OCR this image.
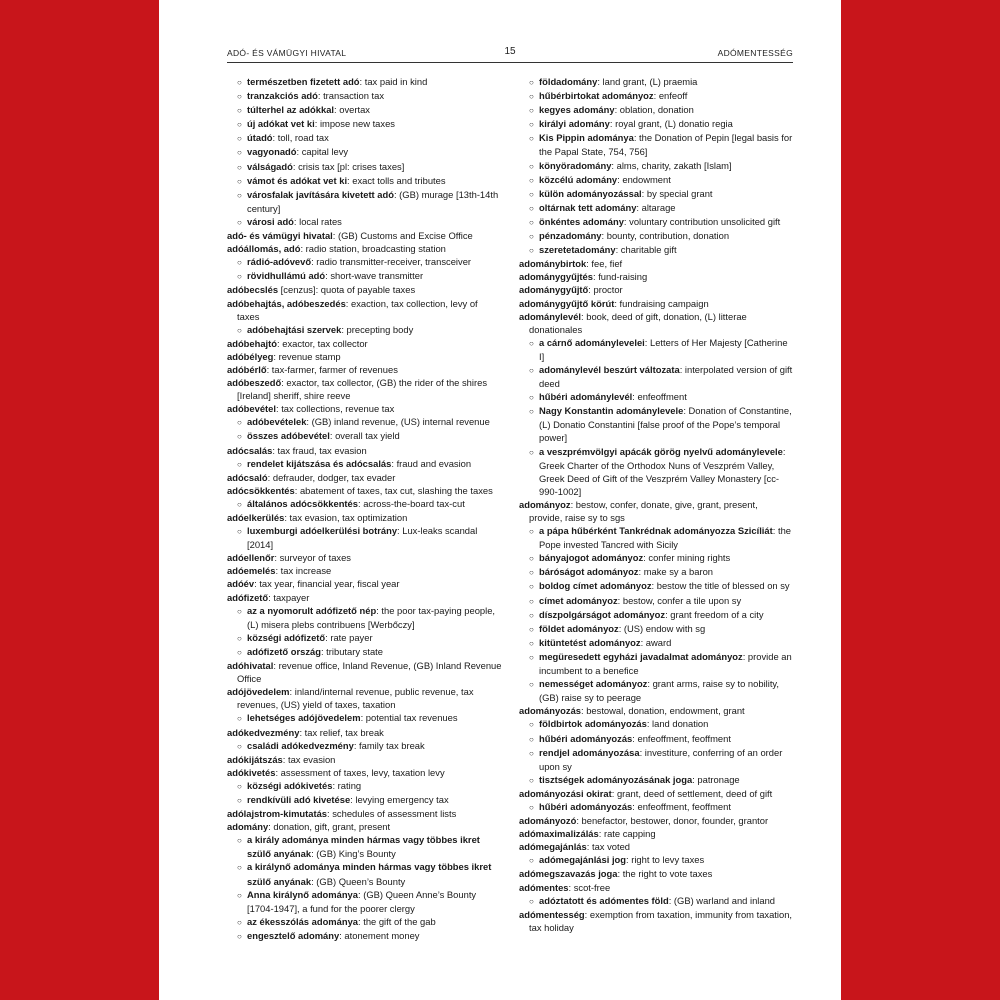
ADÓ- ÉS VÁMÜGYI HIVATAL	15	ADÓMENTESSÉG
○ természetben fizetett adó: tax paid in kind
○ tranzakciós adó: transaction tax
○ túlterhel az adókkal: overtax
○ új adókat vet ki: impose new taxes
○ útadó: toll, road tax
○ vagyonadó: capital levy
○ válságadó: crisis tax [pl: crises taxes]
○ vámot és adókat vet ki: exact tolls and tributes
○ városfalak javítására kivetett adó: (GB) murage [13th-14th century]
○ városi adó: local rates
adó- és vámügyi hivatal: (GB) Customs and Excise Office
adóállomás, adó: radio station, broadcasting station
○ rádió-adóvevő: radio transmitter-receiver, transceiver
○ rövidhullámú adó: short-wave transmitter
adóbecslés [cenzus]: quota of payable taxes
adóbehajtás, adóbeszedés: exaction, tax collection, levy of taxes
○ adóbehajtási szervek: precepting body
adóbehajtó: exactor, tax collector
adóbélyeg: revenue stamp
adóbérlő: tax-farmer, farmer of revenues
adóbeszedő: exactor, tax collector, (GB) the rider of the shires [Ireland] sheriff, shire reeve
adóbevétel: tax collections, revenue tax
○ adóbevételek: (GB) inland revenue, (US) internal revenue
○ összes adóbevétel: overall tax yield
adócsalás: tax fraud, tax evasion
○ rendelet kijátszása és adócsalás: fraud and evasion
adócsaló: defrauder, dodger, tax evader
adócsökkentés: abatement of taxes, tax cut, slashing the taxes
○ általános adócsökkentés: across-the-board tax-cut
adóelkerülés: tax evasion, tax optimization
○ luxemburgi adóelkerülési botrány: Lux-leaks scandal [2014]
adóellenőr: surveyor of taxes
adóemelés: tax increase
adóév: tax year, financial year, fiscal year
adófizető: taxpayer
○ az a nyomorult adófizető nép: the poor tax-paying people, (L) misera plebs contribuens [Werbőczy]
○ községi adófizető: rate payer
○ adófizető ország: tributary state
adóhivatal: revenue office, Inland Revenue, (GB) Inland Revenue Office
adójövedelem: inland/internal revenue, public revenue, tax revenues, (US) yield of taxes, taxation
○ lehetséges adójövedelem: potential tax revenues
adókedvezmény: tax relief, tax break
○ családi adókedvezmény: family tax break
adókijátszás: tax evasion
adókivetés: assessment of taxes, levy, taxation levy
○ községi adókivetés: rating
○ rendkívüli adó kivetése: levying emergency tax
adólajstrom-kimutatás: schedules of assessment lists
adomány: donation, gift, grant, present
○ a király adománya minden hármas vagy többes ikret szülő anyának: (GB) King’s Bounty
○ a királynő adománya minden hármas vagy többes ikret szülő anyának: (GB) Queen’s Bounty
○ Anna királynő adománya: (GB) Queen Anne’s Bounty [1704-1947], a fund for the poorer clergy
○ az ékesszólás adománya: the gift of the gab
○ engesztelő adomány: atonement money
○ földadomány: land grant, (L) praemia
○ hűbérbirtokat adományoz: enfeoff
○ kegyes adomány: oblation, donation
○ királyi adomány: royal grant, (L) donatio regia
○ Kis Pippin adománya: the Donation of Pepin [legal basis for the Papal State, 754, 756]
○ könyöradomány: alms, charity, zakath [Islam]
○ közcélú adomány: endowment
○ külön adományozással: by special grant
○ oltárnak tett adomány: altarage
○ önkéntes adomány: voluntary contribution unsolicited gift
○ pénzadomány: bounty, contribution, donation
○ szeretetadomány: charitable gift
adománybirtok: fee, fief
adománygyűjtés: fund-raising
adománygyűjtő: proctor
adománygyűjtő körút: fundraising campaign
adománylevél: book, deed of gift, donation, (L) litterae donationales
○ a cárnő adománylevelei: Letters of Her Majesty [Catherine I]
○ adománylevél beszúrt változata: interpolated version of gift deed
○ hűbéri adománylevél: enfeoffment
○ Nagy Konstantin adománylevele: Donation of Constantine, (L) Donatio Constantini [false proof of the Pope’s temporal power]
○ a veszprémvölgyi apácák görög nyelvű adománylevele: Greek Charter of the Orthodox Nuns of Veszprém Valley, Greek Deed of Gift of the Veszprém Valley Monastery [cc-990-1002]
adományoz: bestow, confer, donate, give, grant, present, provide, raise sy to sgs
○ a pápa hűbérként Tankrédnak adományozza Szicíliát: the Pope invested Tancred with Sicily
○ bányajogot adományoz: confer mining rights
○ báróságot adományoz: make sy a baron
○ boldog címet adományoz: bestow the title of blessed on sy
○ címet adományoz: bestow, confer a tile upon sy
○ díszpolgárságot adományoz: grant freedom of a city
○ földet adományoz: (US) endow with sg
○ kitüntetést adományoz: award
○ megüresedett egyházi javadalmat adományoz: provide an incumbent to a benefice
○ nemességet adományoz: grant arms, raise sy to nobility, (GB) raise sy to peerage
adományozás: bestowal, donation, endowment, grant
○ földbirtok adományozás: land donation
○ hűbéri adományozás: enfeoffment, feoffment
○ rendjel adományozása: investiture, conferring of an order upon sy
○ tisztségek adományozásának joga: patronage
adományozási okirat: grant, deed of settlement, deed of gift
○ hűbéri adományozás: enfeoffment, feoffment
adományozó: benefactor, bestower, donor, founder, grantor
adómaximalizálás: rate capping
adómegajánlás: tax voted
○ adómegajánlási jog: right to levy taxes
adómegszavazás joga: the right to vote taxes
adómentes: scot-free
○ adóztatott és adómentes föld: (GB) warland and inland
adómentesség: exemption from taxation, immunity from taxation, tax holiday
